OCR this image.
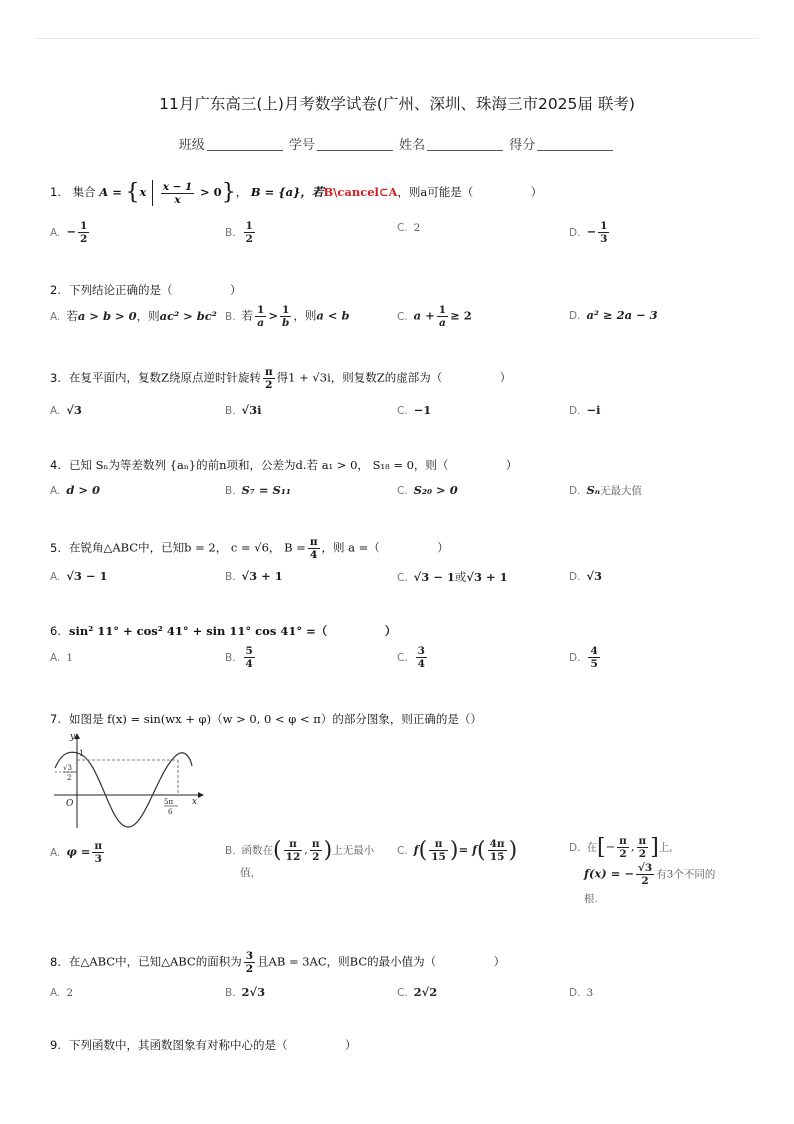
11月广东高三(上)月考数学试卷(广州、深圳、珠海三市2025届 联考)
班级	学号	姓名	得分
1. 集合 $A = \{x \frac{x - 1}{x} > 0\}$， B = {a}，若B\cancel⊂A，则a可能是（　　　　　）
A. − $\frac{1}{2}$	B. $\frac{1}{2}$	C. 2	D. − $\frac{1}{3}$
2. 下列结论正确的是（　　　　　）
A. 若a > b > 0，则ac² > bc² B. 若 $\frac{1}{a} > \frac{1}{b}$ ，则a < b	C. $a + \frac{1}{a} \ge 2$	D. a² ≥ 2a − 3
3. 在复平面内，复数Z绕原点逆时针旋转 $\frac{\pi}{2}$ 得1 + √3i，则复数Z的虚部为（　　　　　）
A. √3	B. √3i	C. −1	D. −i
4. 已知 Sₙ为等差数列 {aₙ}的前n项和，公差为d.若 a₁ > 0， S₁₈ = 0，则（　　　　　）
A. d > 0	B. S₇ = S₁₁	C. S₂₀ > 0	D. Sₙ无最大值
5. 在锐角△ABC中，已知b = 2， c = √6， $B = \frac{\pi}{4}$ ，则 a =（　　　　　）
A. √3 − 1	B. √3 + 1	C. √3 − 1或√3 + 1	D. √3
6. sin² 11° + cos² 41° + sin 11° cos 41° =（　　　　　）
A. 1	B. $\frac{5}{4}$	C. $\frac{3}{4}$	D. $\frac{4}{5}$
7. 如图是 f(x) = sin(wx + φ)（w > 0, 0 < φ < π）的部分图象，则正确的是（）
y
x
O
1
√3
2
5π
6
A. $\varphi = \frac{\pi}{3}$	B. 函数在( $\frac{\pi}{12}$ , $\frac{\pi}{2}$ )上无最小
值，
C. $f( \frac{\pi}{15}$ )= $f( \frac{4\pi}{15}$ )	D. 在[− $\frac{\pi}{2}$ , $\frac{\pi}{2}$ ]上,
f(x) = − $\frac{√3}{2}$ 有3个不同的
根.
8. 在△ABC中，已知△ABC的面积为 $\frac{3}{2}$ 且AB = 3AC，则BC的最小值为（　　　　　）
A. 2	B. 2√3	C. 2√2	D. 3
9. 下列函数中，其函数图象有对称中心的是（　　　　　）
